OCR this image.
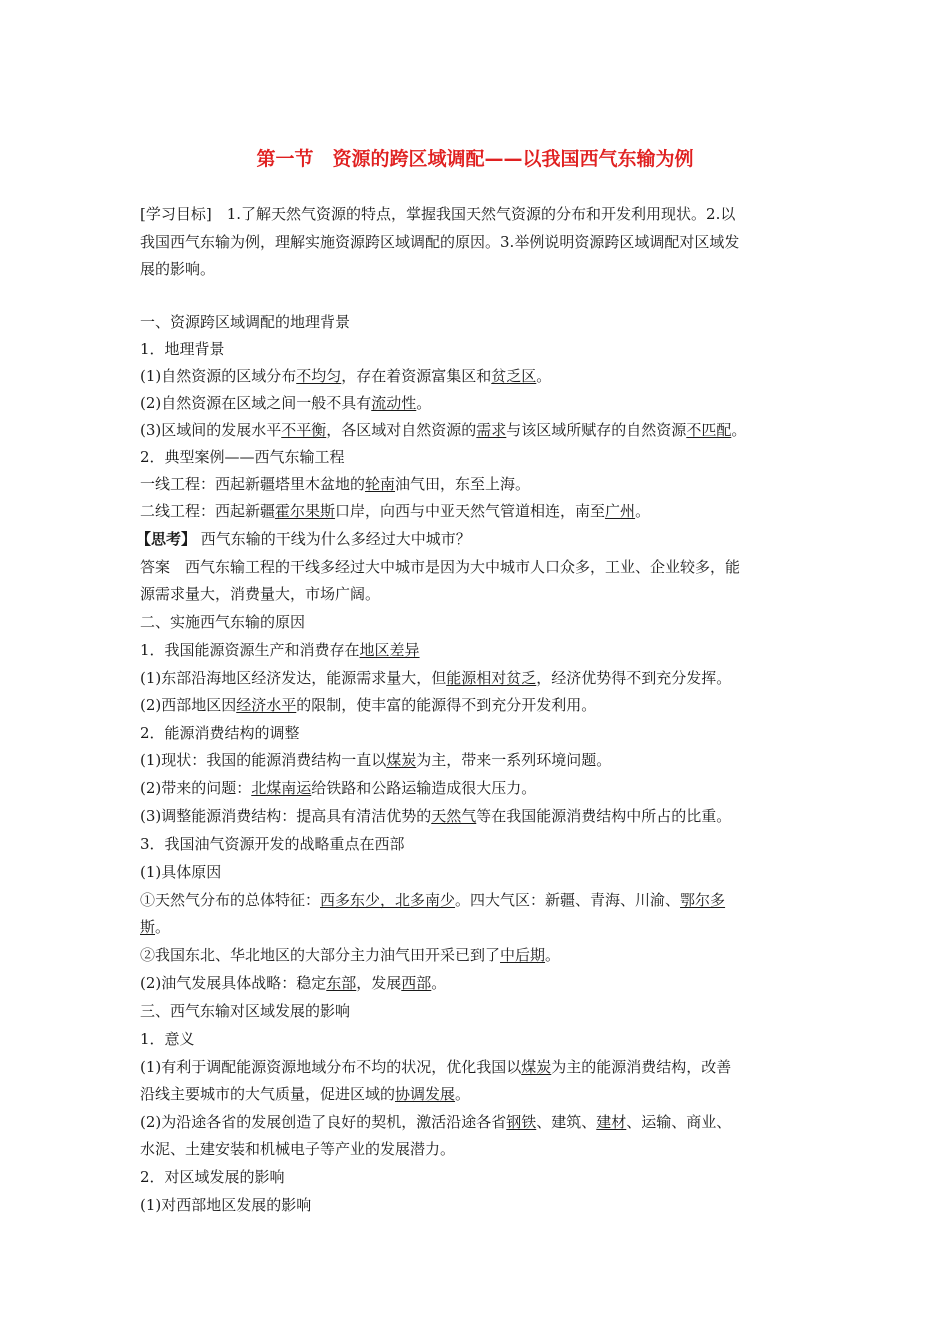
第一节　资源的跨区域调配——以我国西气东输为例
[学习目标]　 1.了解天然气资源的特点，掌握我国天然气资源的分布和开发利用现状。2.以
我国西气东输为例，理解实施资源跨区域调配的原因。3.举例说明资源跨区域调配对区域发
展的影响。
一、资源跨区域调配的地理背景
1．地理背景
(1)自然资源的区域分布不均匀，存在着资源富集区和贫乏区。
(2)自然资源在区域之间一般不具有流动性。
(3)区域间的发展水平不平衡，各区域对自然资源的需求与该区域所赋存的自然资源不匹配。
2．典型案例——西气东输工程
一线工程：西起新疆塔里木盆地的轮南油气田，东至上海。
二线工程：西起新疆霍尔果斯口岸，向西与中亚天然气管道相连，南至广州。
【思考】 西气东输的干线为什么多经过大中城市？
答案　西气东输工程的干线多经过大中城市是因为大中城市人口众多，工业、企业较多，能
源需求量大，消费量大，市场广阔。
二、实施西气东输的原因
1．我国能源资源生产和消费存在地区差异
(1)东部沿海地区经济发达，能源需求量大，但能源相对贫乏，经济优势得不到充分发挥。
(2)西部地区因经济水平的限制，使丰富的能源得不到充分开发利用。
2．能源消费结构的调整
(1)现状：我国的能源消费结构一直以煤炭为主，带来一系列环境问题。
(2)带来的问题：北煤南运给铁路和公路运输造成很大压力。
(3)调整能源消费结构：提高具有清洁优势的天然气等在我国能源消费结构中所占的比重。
3．我国油气资源开发的战略重点在西部
(1)具体原因
①天然气分布的总体特征：西多东少，北多南少。四大气区：新疆、青海、川渝、鄂尔多
斯。
②我国东北、华北地区的大部分主力油气田开采已到了中后期。
(2)油气发展具体战略：稳定东部，发展西部。
三、西气东输对区域发展的影响
1．意义
(1)有利于调配能源资源地域分布不均的状况，优化我国以煤炭为主的能源消费结构，改善
沿线主要城市的大气质量，促进区域的协调发展。
(2)为沿途各省的发展创造了良好的契机，激活沿途各省钢铁、建筑、建材、运输、商业、
水泥、土建安装和机械电子等产业的发展潜力。
2．对区域发展的影响
(1)对西部地区发展的影响
